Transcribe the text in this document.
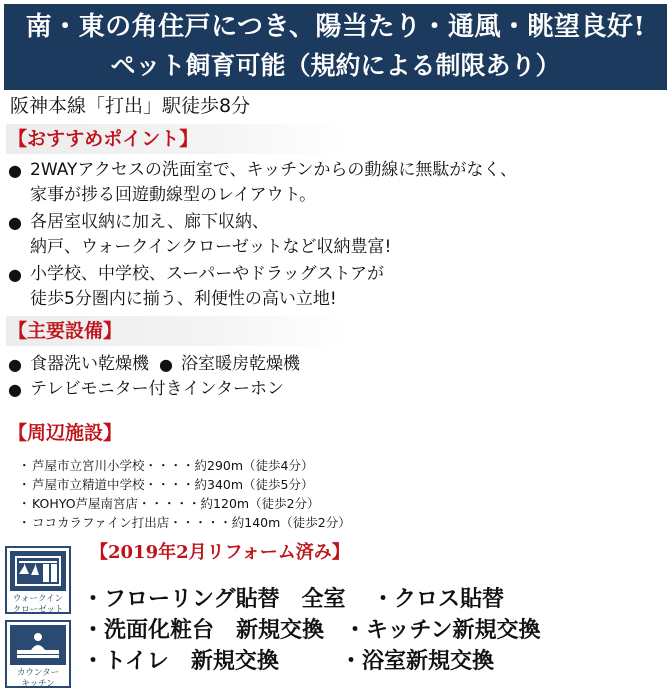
南・東の角住戸につき、陽当たり・通風・眺望良好!
ペット飼育可能（規約による制限あり）
阪神本線「打出」駅徒歩8分
【おすすめポイント】
● 2WAYアクセスの洗面室で、キッチンからの動線に無駄がなく、
家事が捗る回遊動線型のレイアウト。
● 各居室収納に加え、廊下収納、
納戸、ウォークインクローゼットなど収納豊富!
● 小学校、中学校、スーパーやドラッグストアが
徒歩5分圏内に揃う、利便性の高い立地!
【主要設備】
● 食器洗い乾燥機 ● 浴室暖房乾燥機
● テレビモニター付きインターホン
【周辺施設】
・ 芦屋市立宮川小学校・・・・約290m（徒歩4分）
・ 芦屋市立精道中学校・・・・約340m（徒歩5分）
・ KOHYO芦屋南宮店・・・・・約120m（徒歩2分）
・ ココカラファイン打出店・・・・・約140m（徒歩2分）
【2019年2月リフォーム済み】
ウォークイン
クローゼット
カウンター
キッチン
・フローリング貼替　全室 ・クロス貼替
・洗面化粧台　新規交換 ・キッチン新規交換
・トイレ　新規交換	・浴室新規交換
